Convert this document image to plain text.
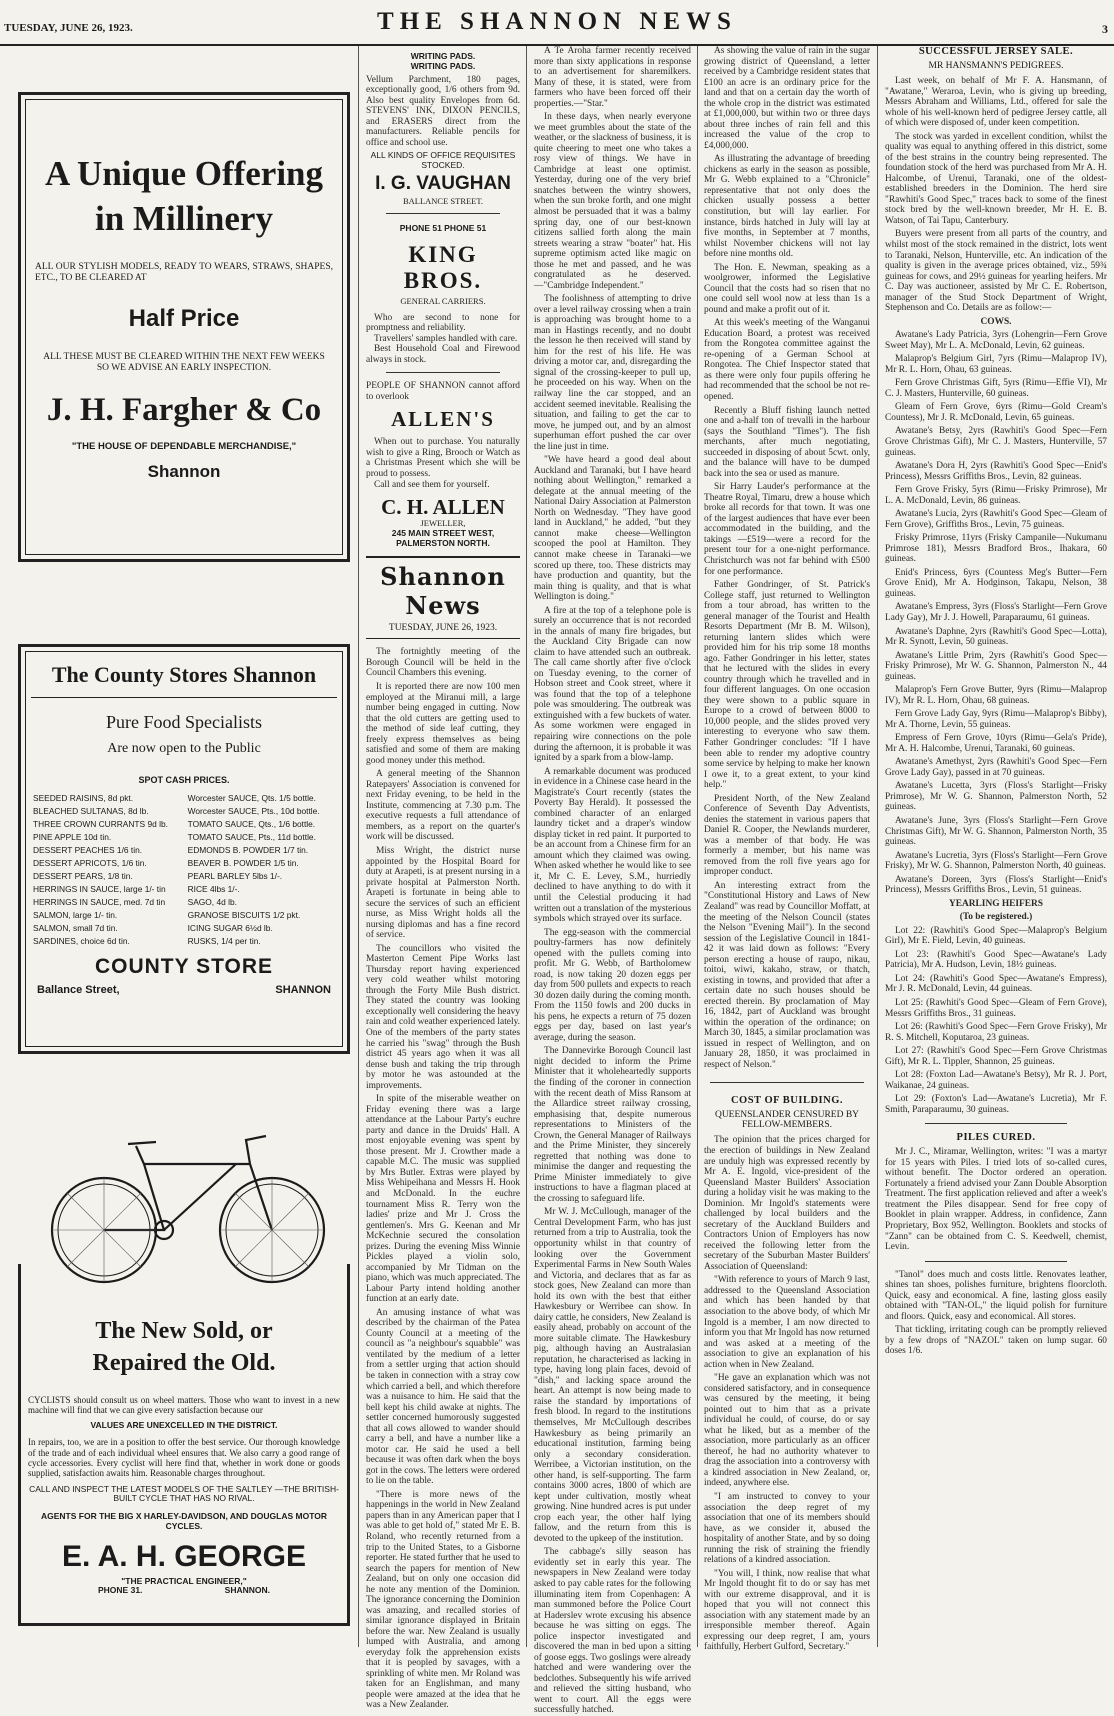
TUESDAY, JUNE 26, 1923.	THE SHANNON NEWS	3
A Unique Offering
in Millinery
ALL OUR STYLISH MODELS, READY TO WEARS, STRAWS, SHAPES, ETC., TO BE CLEARED AT
Half Price
ALL THESE MUST BE CLEARED WITHIN THE NEXT FEW WEEKS SO WE ADVISE AN EARLY INSPECTION.
J. H. Fargher & Co
"THE HOUSE OF DEPENDABLE MERCHANDISE,"
Shannon
The County Stores Shannon
Pure Food Specialists
Are now open to the Public
SPOT CASH PRICES.
SEEDED RAISINS, 8d pkt.	Worcester SAUCE, Qts. 1/5 bottle.
BLEACHED SULTANAS, 8d lb.	Worcester SAUCE, Pts., 10d bottle.
THREE CROWN CURRANTS 9d lb.	TOMATO SAUCE, Qts., 1/6 bottle.
PINE APPLE 10d tin.	TOMATO SAUCE, Pts., 11d bottle.
DESSERT PEACHES 1/6 tin.	EDMONDS B. POWDER 1/7 tin.
DESSERT APRICOTS, 1/6 tin.	BEAVER B. POWDER 1/5 tin.
DESSERT PEARS, 1/8 tin.	PEARL BARLEY 5lbs 1/-.
HERRINGS IN SAUCE, large 1/- tin	RICE 4lbs 1/-.
HERRINGS IN SAUCE, med. 7d tin	SAGO, 4d lb.
SALMON, large 1/- tin.	GRANOSE BISCUITS 1/2 pkt.
SALMON, small 7d tin.	ICING SUGAR 6½d lb.
SARDINES, choice 6d tin.	RUSKS, 1/4 per tin.
COUNTY STORE
Ballance Street,	SHANNON
The New Sold, or
Repaired the Old.
CYCLISTS should consult us on wheel matters. Those who want to invest in a new machine will find that we can give every satisfaction because our
VALUES ARE UNEXCELLED IN THE DISTRICT.
In repairs, too, we are in a position to offer the best service. Our thorough knowledge of the trade and of each individual wheel ensures that. We also carry a good range of cycle accessories. Every cyclist will here find that, whether in work done or goods supplied, satisfaction awaits him. Reasonable charges throughout.
CALL AND INSPECT THE LATEST MODELS OF THE SALTLEY —THE BRITISH-BUILT CYCLE THAT HAS NO RIVAL.
AGENTS FOR THE BIG X HARLEY-DAVIDSON, AND DOUGLAS MOTOR CYCLES.
E. A. H. GEORGE
"THE PRACTICAL ENGINEER,"
PHONE 31.	SHANNON.
WRITING PADS.
WRITING PADS.
Vellum Parchment, 180 pages, exceptionally good, 1/6 others from 9d. Also best quality Envelopes from 6d. STEVENS' INK, DIXON PENCILS, and ERASERS direct from the manufacturers. Reliable pencils for office and school use.
ALL KINDS OF OFFICE REQUISITES STOCKED.
I. G. VAUGHAN
BALLANCE STREET.
PHONE 51 PHONE 51
KING BROS.
GENERAL CARRIERS.
Who are second to none for promptness and reliability.
Travellers' samples handled with care.
Best Household Coal and Firewood always in stock.
PEOPLE OF SHANNON cannot afford to overlook
ALLEN'S
When out to purchase. You naturally wish to give a Ring, Brooch or Watch as a Christmas Present which she will be proud to possess.
Call and see them for yourself.
C. H. ALLEN
JEWELLER,
245 MAIN STREET WEST,
PALMERSTON NORTH.
Shannon News
TUESDAY, JUNE 26, 1923.

The fortnightly meeting of the Borough Council will be held in the Council Chambers this evening.

It is reported there are now 100 men employed at the Miranui mill, a large number being engaged in cutting. Now that the old cutters are getting used to the method of side leaf cutting, they freely express themselves as being satisfied and some of them are making good money under this method.

A general meeting of the Shannon Ratepayers' Association is convened for next Friday evening, to be held in the Institute, commencing at 7.30 p.m. The executive requests a full attendance of members, as a report on the quarter's work will be discussed.

Miss Wright, the district nurse appointed by the Hospital Board for duty at Arapeti, is at present nursing in a private hospital at Palmerston North. Arapeti is fortunate in being able to secure the services of such an efficient nurse, as Miss Wright holds all the nursing diplomas and has a fine record of service.

The councillors who visited the Masterton Cement Pipe Works last Thursday report having experienced very cold weather whilst motoring through the Forty Mile Bush district. They stated the country was looking exceptionally well considering the heavy rain and cold weather experienced lately. One of the members of the party states he carried his "swag" through the Bush district 45 years ago when it was all dense bush and taking the trip through by motor he was astounded at the improvements.

In spite of the miserable weather on Friday evening there was a large attendance at the Labour Party's euchre party and dance in the Druids' Hall. A most enjoyable evening was spent by those present. Mr J. Crowther made a capable M.C. The music was supplied by Mrs Butler. Extras were played by Miss Wehipeihana and Messrs H. Hook and McDonald. In the euchre tournament Miss R. Terry won the ladies' prize and Mr J. Cross the gentlemen's. Mrs G. Keenan and Mr McKechnie secured the consolation prizes. During the evening Miss Winnie Pickles played a violin solo, accompanied by Mr Tidman on the piano, which was much appreciated. The Labour Party intend holding another function at an early date.

An amusing instance of what was described by the chairman of the Patea County Council at a meeting of the council as "a neighbour's squabble" was ventilated by the medium of a letter from a settler urging that action should be taken in connection with a stray cow which carried a bell, and which therefore was a nuisance to him. He said that the bell kept his child awake at nights. The settler concerned humorously suggested that all cows allowed to wander should carry a bell, and have a number like a motor car. He said he used a bell because it was often dark when the boys got in the cows. The letters were ordered to lie on the table.

"There is more news of the happenings in the world in New Zealand papers than in any American paper that I was able to get hold of," stated Mr E. B. Roland, who recently returned from a trip to the United States, to a Gisborne reporter. He stated further that he used to search the papers for mention of New Zealand, but on only one occasion did he note any mention of the Dominion. The ignorance concerning the Dominion was amazing, and recalled stories of similar ignorance displayed in Britain before the war. New Zealand is usually lumped with Australia, and among everyday folk the apprehension exists that it is peopled by savages, with a sprinkling of white men. Mr Roland was taken for an Englishman, and many people were amazed at the idea that he was a New Zealander.

A Te Aroha farmer recently received more than sixty applications in response to an advertisement for sharemilkers. Many of these, it is stated, were from farmers who have been forced off their properties.—"Star."

In these days, when nearly everyone we meet grumbles about the state of the weather, or the slackness of business, it is quite cheering to meet one who takes a rosy view of things. We have in Cambridge at least one optimist. Yesterday, during one of the very brief snatches between the wintry showers, when the sun broke forth, and one might almost be persuaded that it was a balmy spring day, one of our best-known citizens sallied forth along the main streets wearing a straw "boater" hat. His supreme optimism acted like magic on those he met and passed, and he was congratulated as he deserved.—"Cambridge Independent."

The foolishness of attempting to drive over a level railway crossing when a train is approaching was brought home to a man in Hastings recently, and no doubt the lesson he then received will stand by him for the rest of his life. He was driving a motor car, and, disregarding the signal of the crossing-keeper to pull up, he proceeded on his way. When on the railway line the car stopped, and an accident seemed inevitable. Realising the situation, and failing to get the car to move, he jumped out, and by an almost superhuman effort pushed the car over the line just in time.

"We have heard a good deal about Auckland and Taranaki, but I have heard nothing about Wellington," remarked a delegate at the annual meeting of the National Dairy Association at Palmerston North on Wednesday. "They have good land in Auckland," he added, "but they cannot make cheese—Wellington scooped the pool at Hamilton. They cannot make cheese in Taranaki—we scored up there, too. These districts may have production and quantity, but the main thing is quality, and that is what Wellington is doing."

A fire at the top of a telephone pole is surely an occurrence that is not recorded in the annals of many fire brigades, but the Auckland City Brigade can now claim to have attended such an outbreak. The call came shortly after five o'clock on Tuesday evening, to the corner of Hobson street and Cook street, where it was found that the top of a telephone pole was smouldering. The outbreak was extinguished with a few buckets of water. As some workmen were engaged in repairing wire connections on the pole during the afternoon, it is probable it was ignited by a spark from a blow-lamp.

A remarkable document was produced in evidence in a Chinese case heard in the Magistrate's Court recently (states the Poverty Bay Herald). It possessed the combined character of an enlarged laundry ticket and a draper's window display ticket in red paint. It purported to be an account from a Chinese firm for an amount which they claimed was owing. When asked whether he would like to see it, Mr C. E. Levey, S.M., hurriedly declined to have anything to do with it until the Celestial producing it had written out a translation of the mysterious symbols which strayed over its surface.

The egg-season with the commercial poultry-farmers has now definitely opened with the pullets coming into profit. Mr G. Webb, of Bartholomew road, is now taking 20 dozen eggs per day from 500 pullets and expects to reach 30 dozen daily during the coming month. From the 1150 fowls and 200 ducks in his pens, he expects a return of 75 dozen eggs per day, based on last year's average, during the season.

The Dannevirke Borough Council last night decided to inform the Prime Minister that it wholeheartedly supports the finding of the coroner in connection with the recent death of Miss Ransom at the Allardice street railway crossing, emphasising that, despite numerous representations to Ministers of the Crown, the General Manager of Railways and the Prime Minister, they sincerely regretted that nothing was done to minimise the danger and requesting the Prime Minister immediately to give instructions to have a flagman placed at the crossing to safeguard life.

Mr W. J. McCullough, manager of the Central Development Farm, who has just returned from a trip to Australia, took the opportunity whilst in that country of looking over the Government Experimental Farms in New South Wales and Victoria, and declares that as far as stock goes, New Zealand can more than hold its own with the best that either Hawkesbury or Werribee can show. In dairy cattle, he considers, New Zealand is easily ahead, probably on account of the more suitable climate. The Hawkesbury pig, although having an Australasian reputation, he characterised as lacking in type, having long plain faces, devoid of "dish," and lacking space around the heart. An attempt is now being made to raise the standard by importations of fresh blood. In regard to the institutions themselves, Mr McCullough describes Hawkesbury as being primarily an educational institution, farming being only a secondary consideration. Werribee, a Victorian institution, on the other hand, is self-supporting. The farm contains 3000 acres, 1800 of which are kept under cultivation, mostly wheat growing. Nine hundred acres is put under crop each year, the other half lying fallow, and the return from this is devoted to the upkeep of the institution.

The cabbage's silly season has evidently set in early this year. The newspapers in New Zealand were today asked to pay cable rates for the following illuminating item from Copenhagen: A man summoned before the Police Court at Haderslev wrote excusing his absence because he was sitting on eggs. The police inspector investigated and discovered the man in bed upon a sitting of goose eggs. Two goslings were already hatched and were wandering over the bedclothes. Subsequently his wife arrived and relieved the sitting husband, who went to court. All the eggs were successfully hatched.

As showing the value of rain in the sugar growing district of Queensland, a letter received by a Cambridge resident states that £100 an acre is an ordinary price for the land and that on a certain day the worth of the whole crop in the district was estimated at £1,000,000, but within two or three days about three inches of rain fell and this increased the value of the crop to £4,000,000.

As illustrating the advantage of breeding chickens as early in the season as possible, Mr G. Webb explained to a "Chronicle" representative that not only does the chicken usually possess a better constitution, but will lay earlier. For instance, birds hatched in July will lay at five months, in September at 7 months, whilst November chickens will not lay before nine months old.

The Hon. E. Newman, speaking as a woolgrower, informed the Legislative Council that the costs had so risen that no one could sell wool now at less than 1s a pound and make a profit out of it.

At this week's meeting of the Wanganui Education Board, a protest was received from the Rongotea committee against the re-opening of a German School at Rongotea. The Chief Inspector stated that as there were only four pupils offering he had recommended that the school be not re-opened.

Recently a Bluff fishing launch netted one and a-half ton of trevalli in the harbour (says the Southland "Times"). The fish merchants, after much negotiating, succeeded in disposing of about 5cwt. only, and the balance will have to be dumped back into the sea or used as manure.

Sir Harry Lauder's performance at the Theatre Royal, Timaru, drew a house which broke all records for that town. It was one of the largest audiences that have ever been accommodated in the building, and the takings —£519—were a record for the present tour for a one-night performance. Christchurch was not far behind with £500 for one performance.

Father Gondringer, of St. Patrick's College staff, just returned to Wellington from a tour abroad, has written to the general manager of the Tourist and Health Resorts Department (Mr B. M. Wilson), returning lantern slides which were provided him for his trip some 18 months ago. Father Gondringer in his letter, states that he lectured with the slides in every country through which he travelled and in four different languages. On one occasion they were shown to a public square in Europe to a crowd of between 8000 to 10,000 people, and the slides proved very interesting to everyone who saw them. Father Gondringer concludes: "If I have been able to render my adoptive country some service by helping to make her known I owe it, to a great extent, to your kind help."

President North, of the New Zealand Conference of Seventh Day Adventists, denies the statement in various papers that Daniel R. Cooper, the Newlands murderer, was a member of that body. He was formerly a member, but his name was removed from the roll five years ago for improper conduct.

An interesting extract from the "Constitutional History and Laws of New Zealand" was read by Councillor Moffatt, at the meeting of the Nelson Council (states the Nelson "Evening Mail"). In the second session of the Legislative Council in 1841-42 it was laid down as follows: "Every person erecting a house of raupo, nikau, toitoi, wiwi, kakaho, straw, or thatch, existing in towns, and provided that after a certain date no such houses should be erected therein. By proclamation of May 16, 1842, part of Auckland was brought within the operation of the ordinance; on March 30, 1845, a similar proclamation was issued in respect of Wellington, and on January 28, 1850, it was proclaimed in respect of Nelson."

COST OF BUILDING.
QUEENSLANDER CENSURED BY FELLOW-MEMBERS.

The opinion that the prices charged for the erection of buildings in New Zealand are unduly high was expressed recently by Mr A. E. Ingold, vice-president of the Queensland Master Builders' Association during a holiday visit he was making to the Dominion. Mr Ingold's statements were challenged by local builders and the secretary of the Auckland Builders and Contractors Union of Employers has now received the following letter from the secretary of the Suburban Master Builders' Association of Queensland:

"With reference to yours of March 9 last, addressed to the Queensland Association and which has been handed by that association to the above body, of which Mr Ingold is a member, I am now directed to inform you that Mr Ingold has now returned and was asked at a meeting of the association to give an explanation of his action when in New Zealand.

"He gave an explanation which was not considered satisfactory, and in consequence was censured by the meeting, it being pointed out to him that as a private individual he could, of course, do or say what he liked, but as a member of the association, more particularly as an officer thereof, he had no authority whatever to drag the association into a controversy with a kindred association in New Zealand, or, indeed, anywhere else.

"I am instructed to convey to your association the deep regret of my association that one of its members should have, as we consider it, abused the hospitality of another State, and by so doing running the risk of straining the friendly relations of a kindred association.

"You will, I think, now realise that what Mr Ingold thought fit to do or say has met with our extreme disapproval, and it is hoped that you will not connect this association with any statement made by an irresponsible member thereof. Again expressing our deep regret, I am, yours faithfully, Herbert Gulford, Secretary."

SUCCESSFUL JERSEY SALE.
MR HANSMANN'S PEDIGREES.

Last week, on behalf of Mr F. A. Hansmann, of "Awatane," Weraroa, Levin, who is giving up breeding, Messrs Abraham and Williams, Ltd., offered for sale the whole of his well-known herd of pedigree Jersey cattle, all of which were disposed of, under keen competition.

The stock was yarded in excellent condition, whilst the quality was equal to anything offered in this district, some of the best strains in the country being represented. The foundation stock of the herd was purchased from Mr A. H. Halcombe, of Urenui, Taranaki, one of the oldest-established breeders in the Dominion. The herd sire "Rawhiti's Good Spec," traces back to some of the finest stock bred by the well-known breeder, Mr H. E. B. Watson, of Tai Tapu, Canterbury.

Buyers were present from all parts of the country, and whilst most of the stock remained in the district, lots went to Taranaki, Nelson, Hunterville, etc. An indication of the quality is given in the average prices obtained, viz., 59¾ guineas for cows, and 29½ guineas for yearling heifers. Mr C. Day was auctioneer, assisted by Mr C. E. Robertson, manager of the Stud Stock Department of Wright, Stephenson and Co. Details are as follow:—

COWS.

Awatane's Lady Patricia, 3yrs (Lohengrin—Fern Grove Sweet May), Mr L. A. McDonald, Levin, 62 guineas.

Malaprop's Belgium Girl, 7yrs (Rimu—Malaprop IV), Mr R. L. Horn, Ohau, 63 guineas.

Fern Grove Christmas Gift, 5yrs (Rimu—Effie VI), Mr C. J. Masters, Hunterville, 60 guineas.

Gleam of Fern Grove, 6yrs (Rimu—Gold Cream's Countess), Mr J. R. McDonald, Levin, 65 guineas.

Awatane's Betsy, 2yrs (Rawhiti's Good Spec—Fern Grove Christmas Gift), Mr C. J. Masters, Hunterville, 57 guineas.

Awatane's Dora H, 2yrs (Rawhiti's Good Spec—Enid's Princess), Messrs Griffiths Bros., Levin, 82 guineas.

Fern Grove Frisky, 5yrs (Rimu—Frisky Primrose), Mr L. A. McDonald, Levin, 86 guineas.

Awatane's Lucia, 2yrs (Rawhiti's Good Spec—Gleam of Fern Grove), Griffiths Bros., Levin, 75 guineas.

Frisky Primrose, 11yrs (Frisky Campanile—Nukumanu Primrose 181), Messrs Bradford Bros., Ihakara, 60 guineas.

Enid's Princess, 6yrs (Countess Meg's Butter—Fern Grove Enid), Mr A. Hodginson, Takapu, Nelson, 38 guineas.

Awatane's Empress, 3yrs (Floss's Starlight—Fern Grove Lady Gay), Mr J. J. Howell, Paraparaumu, 61 guineas.

Awatane's Daphne, 2yrs (Rawhiti's Good Spec—Lotta), Mr R. Synott, Levin, 50 guineas.

Awatane's Little Prim, 2yrs (Rawhiti's Good Spec—Frisky Primrose), Mr W. G. Shannon, Palmerston N., 44 guineas.

Malaprop's Fern Grove Butter, 9yrs (Rimu—Malaprop IV), Mr R. L. Horn, Ohau, 68 guineas.

Fern Grove Lady Gay, 9yrs (Rimu—Malaprop's Bibby), Mr A. Thorne, Levin, 55 guineas.

Empress of Fern Grove, 10yrs (Rimu—Gela's Pride), Mr A. H. Halcombe, Urenui, Taranaki, 60 guineas.

Awatane's Amethyst, 2yrs (Rawhiti's Good Spec—Fern Grove Lady Gay), passed in at 70 guineas.

Awatane's Lucetta, 3yrs (Floss's Starlight—Frisky Primrose), Mr W. G. Shannon, Palmerston North, 52 guineas.

Awatane's June, 3yrs (Floss's Starlight—Fern Grove Christmas Gift), Mr W. G. Shannon, Palmerston North, 35 guineas.

Awatane's Lucretia, 3yrs (Floss's Starlight—Fern Grove Frisky), Mr W. G. Shannon, Palmerston North, 40 guineas.

Awatane's Doreen, 3yrs (Floss's Starlight—Enid's Princess), Messrs Griffiths Bros., Levin, 51 guineas.

YEARLING HEIFERS

(To be registered.)

Lot 22: (Rawhiti's Good Spec—Malaprop's Belgium Girl), Mr E. Field, Levin, 40 guineas.

Lot 23: (Rawhiti's Good Spec—Awatane's Lady Patricia), Mr A. Hudson, Levin, 18½ guineas.

Lot 24: (Rawhiti's Good Spec—Awatane's Empress), Mr J. R. McDonald, Levin, 44 guineas.

Lot 25: (Rawhiti's Good Spec—Gleam of Fern Grove), Messrs Griffiths Bros., 31 guineas.

Lot 26: (Rawhiti's Good Spec—Fern Grove Frisky), Mr R. S. Mitchell, Koputaroa, 23 guineas.

Lot 27: (Rawhiti's Good Spec—Fern Grove Christmas Gift), Mr R. L. Tippler, Shannon, 25 guineas.

Lot 28: (Foxton Lad—Awatane's Betsy), Mr R. J. Port, Waikanae, 24 guineas.

Lot 29: (Foxton's Lad—Awatane's Lucretia), Mr F. Smith, Paraparaumu, 30 guineas.

PILES CURED.

Mr J. C., Miramar, Wellington, writes: "I was a martyr for 15 years with Piles. I tried lots of so-called cures, without benefit. The Doctor ordered an operation. Fortunately a friend advised your Zann Double Absorption Treatment. The first application relieved and after a week's treatment the Piles disappear. Send for free copy of Booklet in plain wrapper. Address, in confidence, Zann Proprietary, Box 952, Wellington. Booklets and stocks of "Zann" can be obtained from C. S. Keedwell, chemist, Levin.

"Tanol" does much and costs little. Renovates leather, shines tan shoes, polishes furniture, brightens floorcloth. Quick, easy and economical. A fine, lasting gloss easily obtained with "TAN-OL," the liquid polish for furniture and floors. Quick, easy and economical. All stores.

That tickling, irritating cough can be promptly relieved by a few drops of "NAZOL" taken on lump sugar. 60 doses 1/6.
